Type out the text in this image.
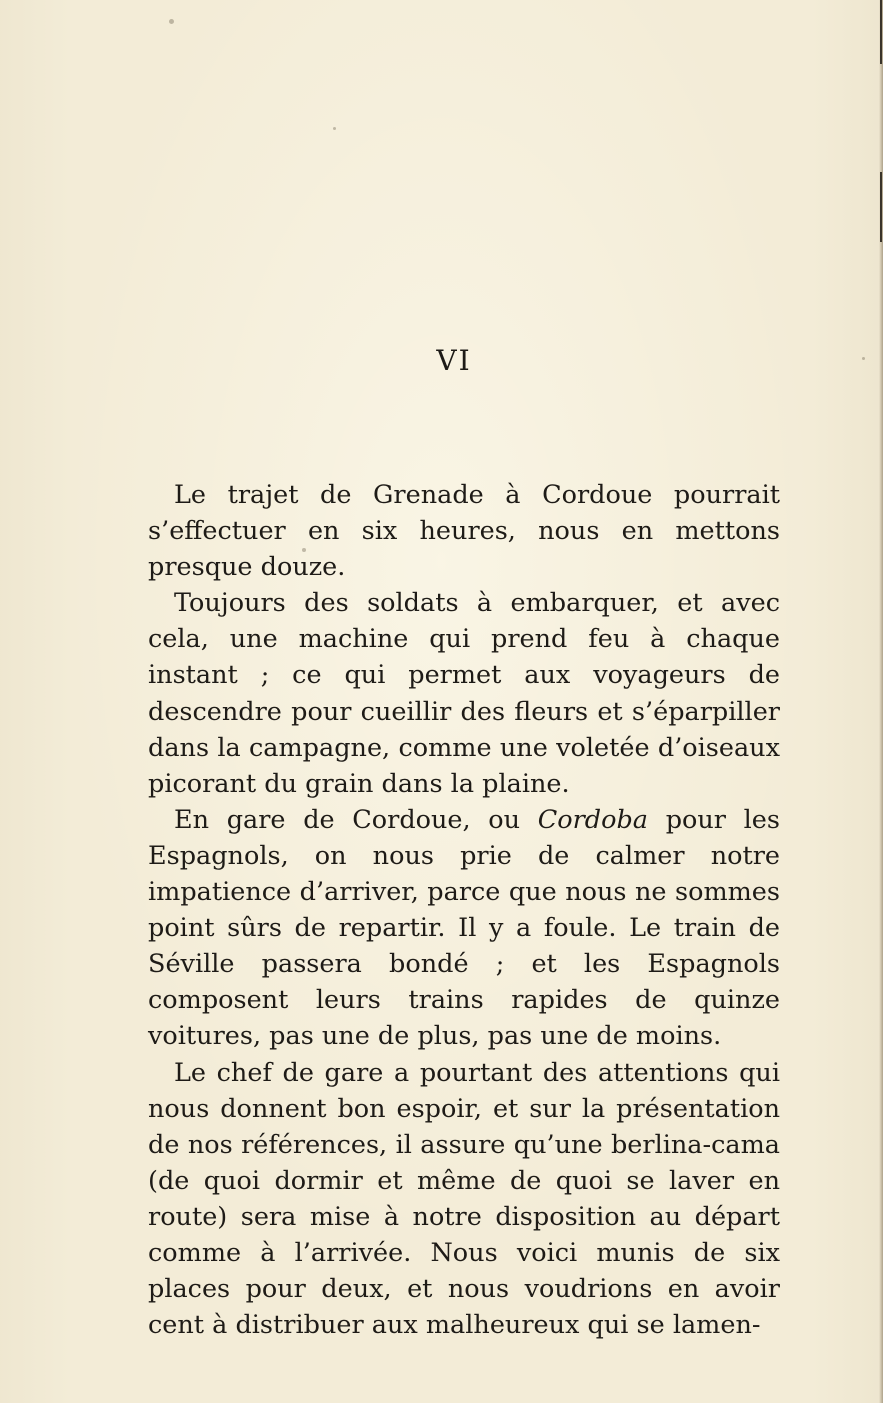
VI

Le trajet de Grenade à Cordoue pourrait s’effectuer en six heures, nous en mettons presque douze.

Toujours des soldats à embarquer, et avec cela, une machine qui prend feu à chaque instant ; ce qui permet aux voyageurs de descendre pour cueillir des fleurs et s’éparpiller dans la campagne, comme une voletée d’oiseaux picorant du grain dans la plaine.

En gare de Cordoue, ou Cordoba pour les Espagnols, on nous prie de calmer notre impatience d’arriver, parce que nous ne sommes point sûrs de repartir. Il y a foule. Le train de Séville passera bondé ; et les Espagnols composent leurs trains rapides de quinze voitures, pas une de plus, pas une de moins.

Le chef de gare a pourtant des attentions qui nous donnent bon espoir, et sur la présentation de nos références, il assure qu’une berlina-cama (de quoi dormir et même de quoi se laver en route) sera mise à notre disposition au départ comme à l’arrivée. Nous voici munis de six places pour deux, et nous voudrions en avoir cent à distribuer aux malheureux qui se lamen-
